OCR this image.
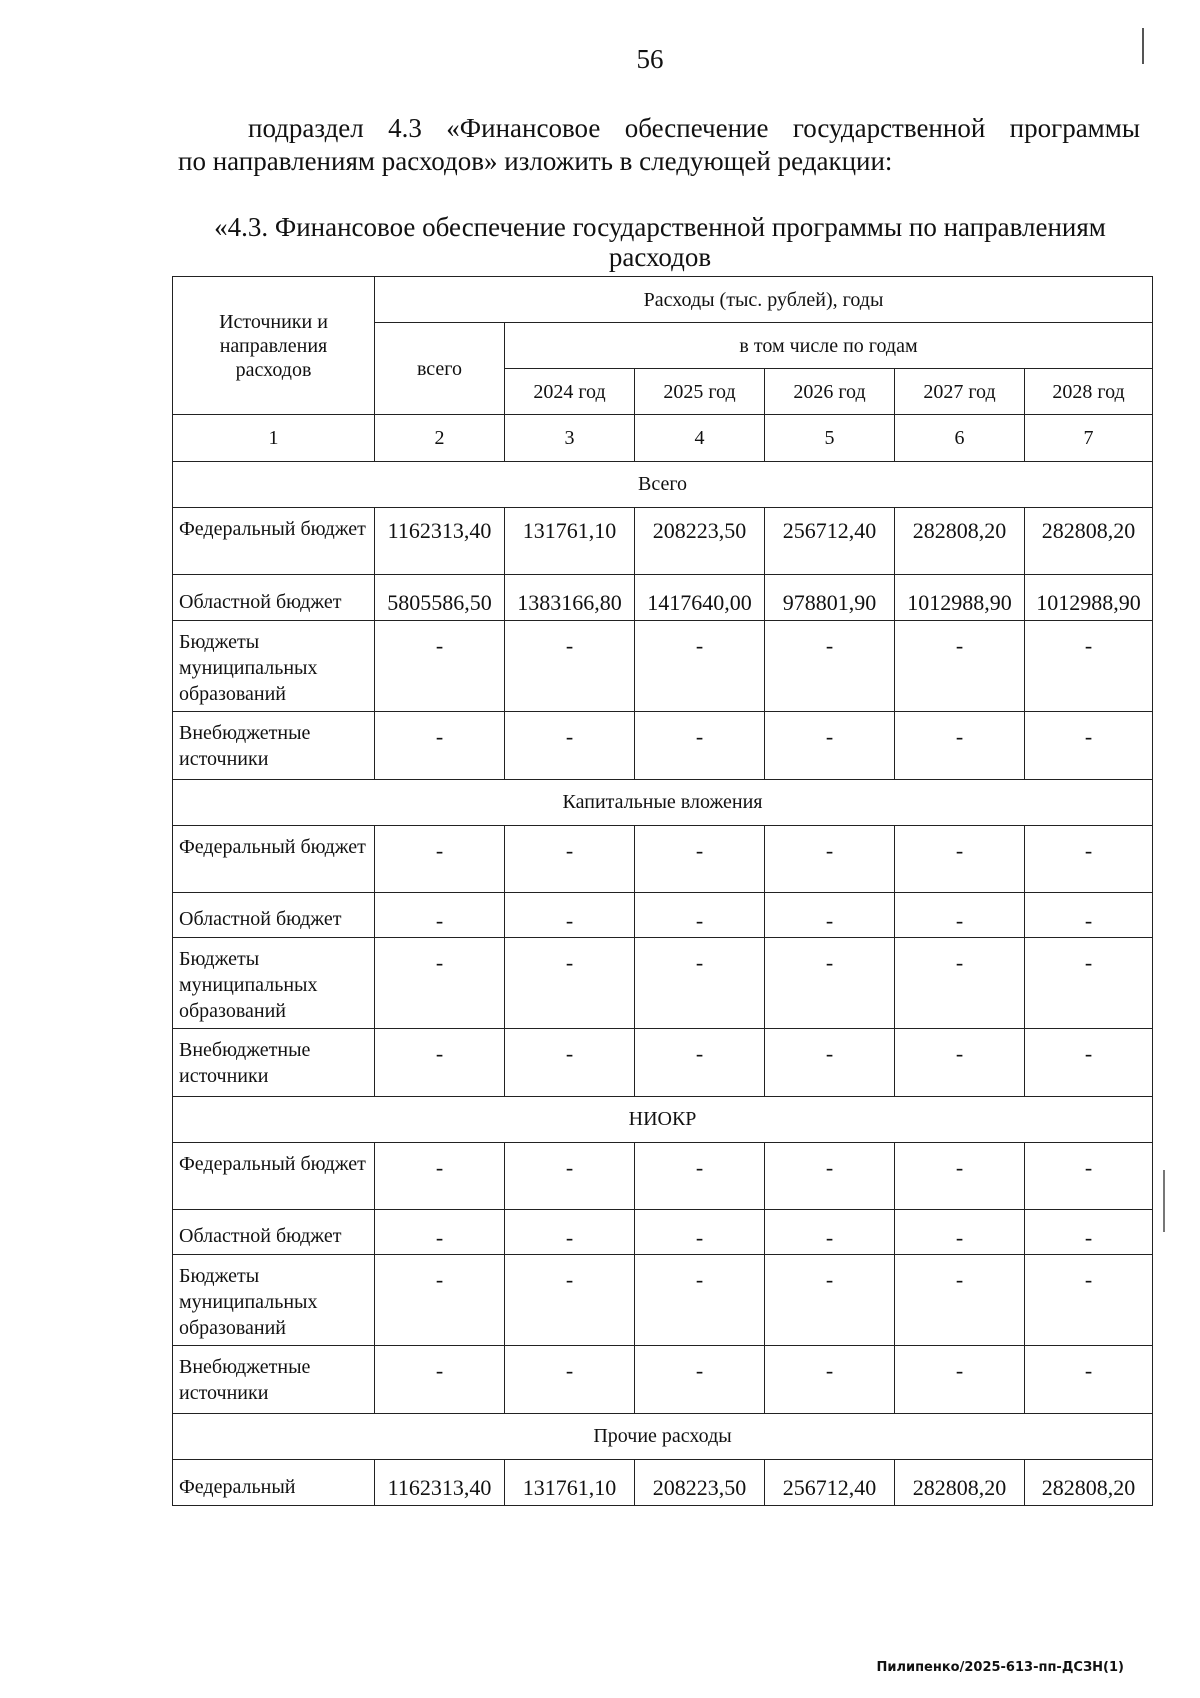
56
подраздел 4.3 «Финансовое обеспечение государственной программы
по направлениям расходов» изложить в следующей редакции:
«4.3. Финансовое обеспечение государственной программы по направлениям
расходов
Источники и направления расходов	Расходы (тыс. рублей), годы					
	всего	в том числе по годам				
		2024 год	2025 год	2026 год	2027 год	2028 год
1	2	3	4	5	6	7
Всего						
Федеральный бюджет	1162313,40	131761,10	208223,50	256712,40	282808,20	282808,20
Областной бюджет	5805586,50	1383166,80	1417640,00	978801,90	1012988,90	1012988,90
Бюджеты муниципальных образований	-	-	-	-	-	-
Внебюджетные источники	-	-	-	-	-	-
Капитальные вложения						
Федеральный бюджет	-	-	-	-	-	-
Областной бюджет	-	-	-	-	-	-
Бюджеты муниципальных образований	-	-	-	-	-	-
Внебюджетные источники	-	-	-	-	-	-
НИОКР						
Федеральный бюджет	-	-	-	-	-	-
Областной бюджет	-	-	-	-	-	-
Бюджеты муниципальных образований	-	-	-	-	-	-
Внебюджетные источники	-	-	-	-	-	-
Прочие расходы						
Федеральный	1162313,40	131761,10	208223,50	256712,40	282808,20	282808,20
Пилипенко/2025-613-пп-ДСЗН(1)
